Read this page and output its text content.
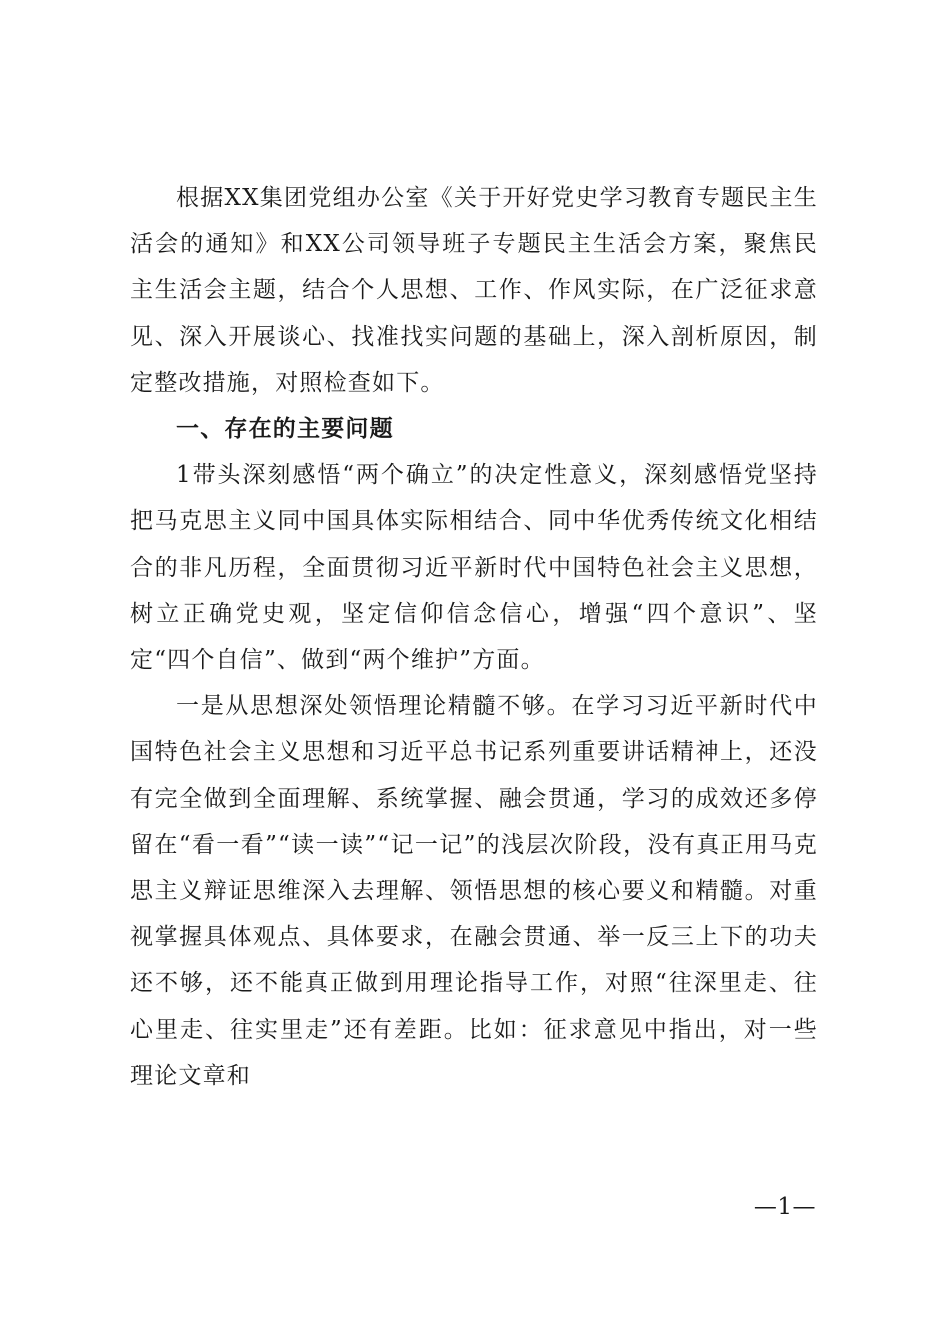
根据XX集团党组办公室《关于开好党史学习教育专题民主生活会的通知》和XX公司领导班子专题民主生活会方案，聚焦民主生活会主题，结合个人思想、工作、作风实际，在广泛征求意见、深入开展谈心、找准找实问题的基础上，深入剖析原因，制定整改措施，对照检查如下。

一、存在的主要问题

1带头深刻感悟“两个确立”的决定性意义，深刻感悟党坚持把马克思主义同中国具体实际相结合、同中华优秀传统文化相结合的非凡历程，全面贯彻习近平新时代中国特色社会主义思想，树立正确党史观，坚定信仰信念信心，增强“四个意识”、坚定“四个自信”、做到“两个维护”方面。

一是从思想深处领悟理论精髓不够。在学习习近平新时代中国特色社会主义思想和习近平总书记系列重要讲话精神上，还没有完全做到全面理解、系统掌握、融会贯通，学习的成效还多停留在“看一看”“读一读”“记一记”的浅层次阶段，没有真正用马克思主义辩证思维深入去理解、领悟思想的核心要义和精髓。对重视掌握具体观点、具体要求，在融会贯通、举一反三上下的功夫还不够，还不能真正做到用理论指导工作，对照“往深里走、往心里走、往实里走”还有差距。比如：征求意见中指出，对一些理论文章和

—1—
